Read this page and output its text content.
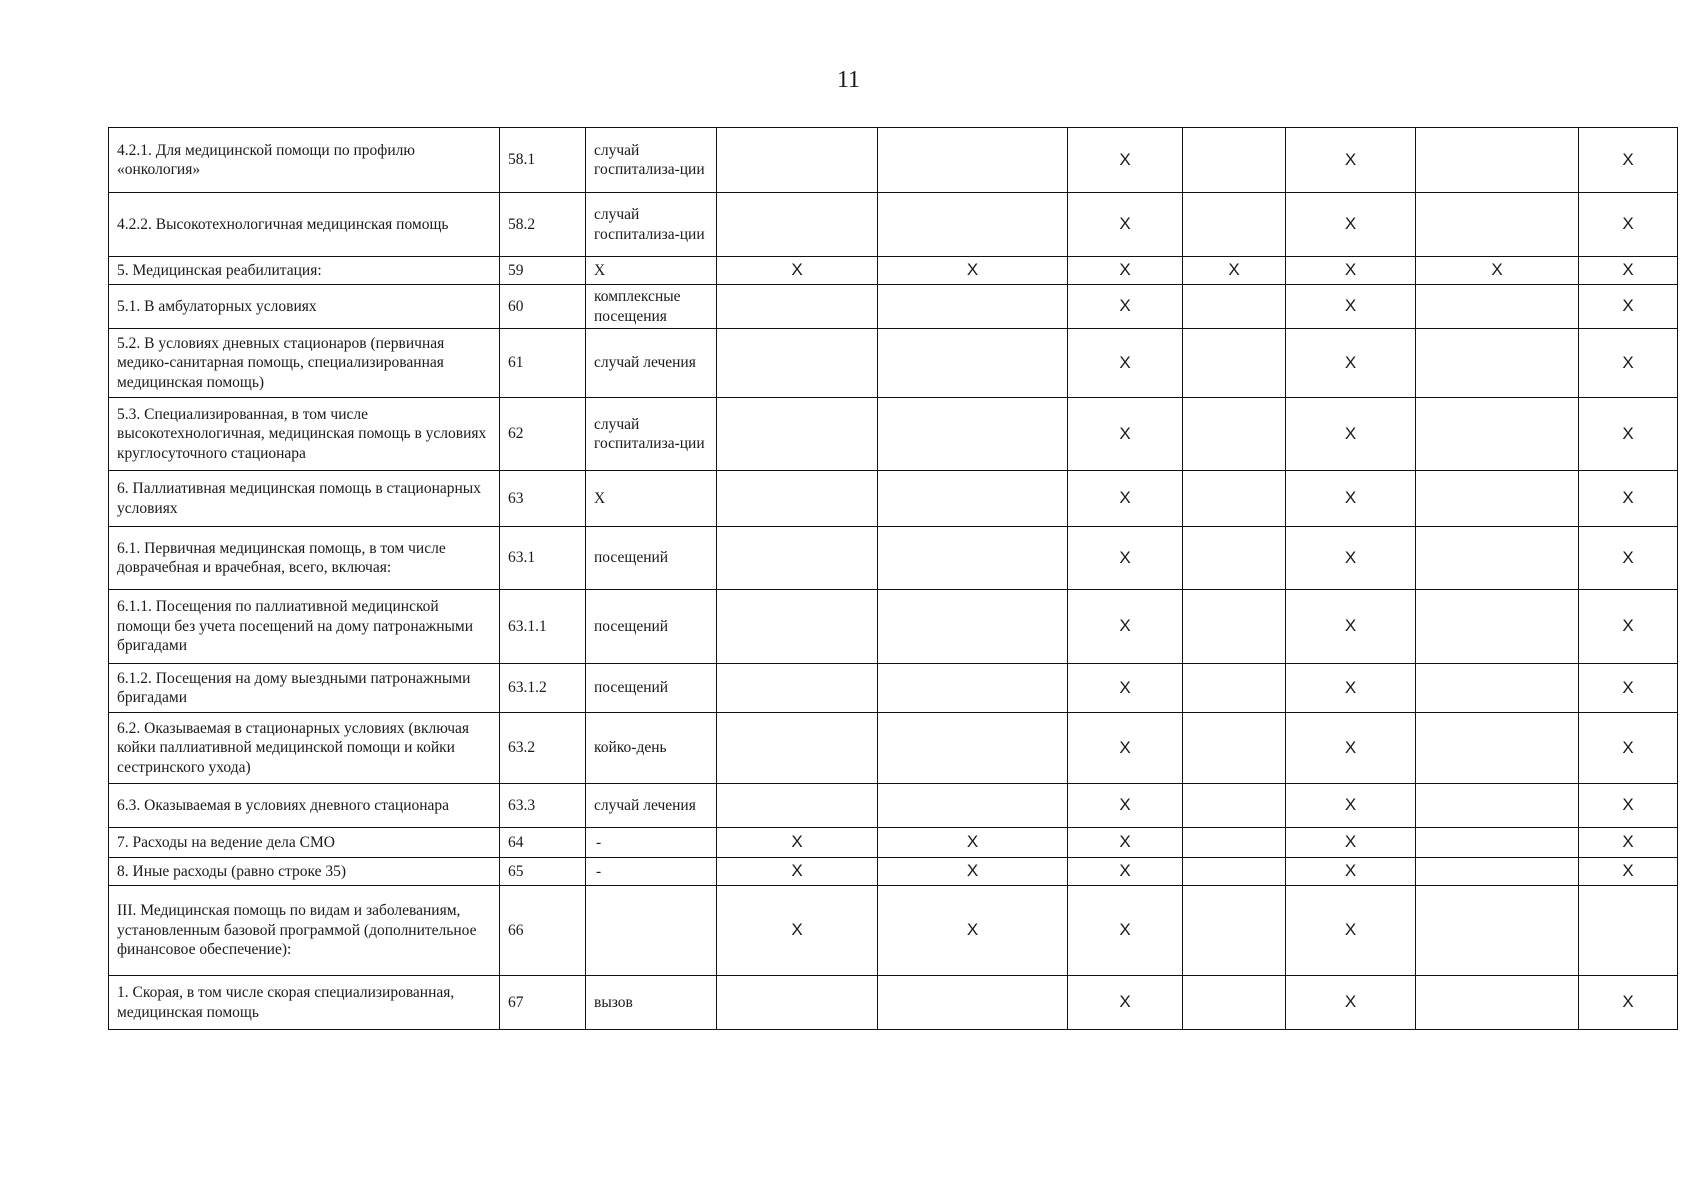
11
4.2.1. Для медицинской помощи по профилю «онкология»	58.1	случай госпитализа-ции			X		X		X
4.2.2. Высокотехнологичная медицинская помощь	58.2	случай госпитализа-ции			X		X		X
5. Медицинская реабилитация:	59	X	X	X	X	X	X	X	X
5.1. В амбулаторных условиях	60	комплексные посещения			X		X		X
5.2. В условиях дневных стационаров (первичная медико-санитарная помощь, специализированная медицинская помощь)	61	случай лечения			X		X		X
5.3. Специализированная, в том числе высокотехнологичная, медицинская помощь в условиях круглосуточного стационара	62	случай госпитализа-ции			X		X		X
6. Паллиативная медицинская помощь в стационарных условиях	63	X			X		X		X
6.1. Первичная медицинская помощь, в том числе доврачебная и врачебная, всего, включая:	63.1	посещений			X		X		X
6.1.1. Посещения по паллиативной медицинской помощи без учета посещений на дому патронажными бригадами	63.1.1	посещений			X		X		X
6.1.2. Посещения на дому выездными патронажными бригадами	63.1.2	посещений			X		X		X
6.2. Оказываемая в стационарных условиях (включая койки паллиативной медицинской помощи и койки сестринского ухода)	63.2	койко-день			X		X		X
6.3. Оказываемая в условиях дневного стационара	63.3	случай лечения			X		X		X
7. Расходы на ведение дела СМО	64	-	X	X	X		X		X
8. Иные расходы (равно строке 35)	65	-	X	X	X		X		X
III. Медицинская помощь по видам и заболеваниям, установленным базовой программой (дополнительное финансовое обеспечение):	66		X	X	X		X		
1. Скорая, в том числе скорая специализированная, медицинская помощь	67	вызов			X		X		X
